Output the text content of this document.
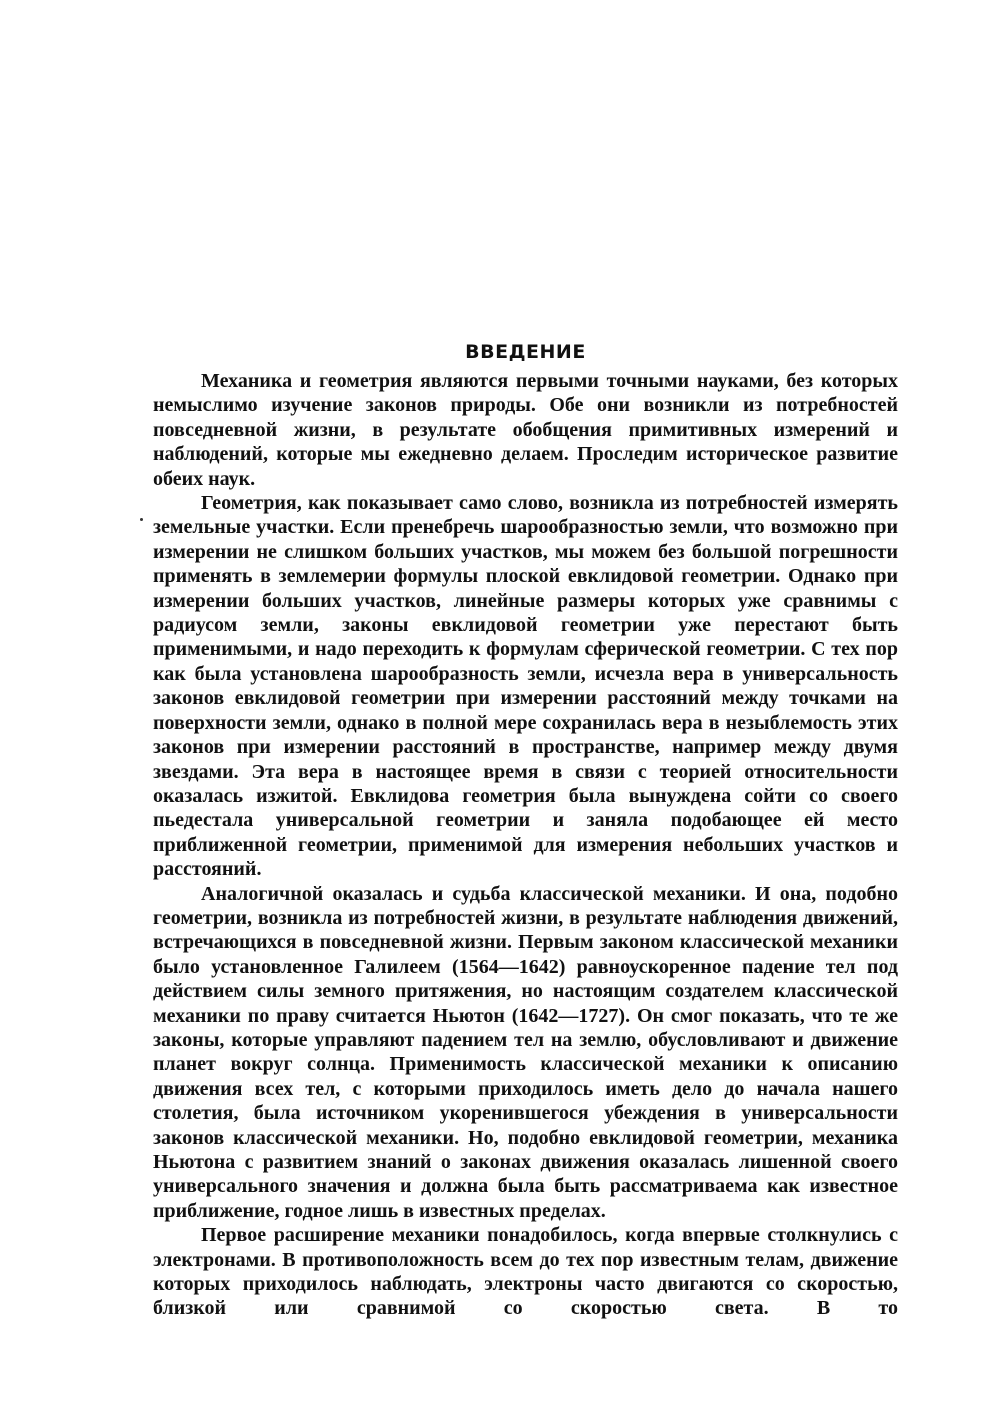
ВВЕДЕНИЕ

Механика и геометрия являются первыми точными науками, без которых немыслимо изучение законов природы. Обе они возникли из потребностей повседневной жизни, в результате обобщения примитивных измерений и наблюдений, которые мы ежедневно делаем. Проследим историческое развитие обеих наук.

Геометрия, как показывает само слово, возникла из потребностей измерять земельные участки. Если пренебречь шарообразностью земли, что возможно при измерении не слишком больших участков, мы можем без большой погрешности применять в землемерии формулы плоской евклидовой геометрии. Однако при измерении больших участков, линейные размеры которых уже сравнимы с радиусом земли, законы евклидовой геометрии уже перестают быть применимыми, и надо переходить к формулам сферической геометрии. С тех пор как была установлена шарообразность земли, исчезла вера в универсальность законов евклидовой геометрии при измерении расстояний между точками на поверхности земли, однако в полной мере сохранилась вера в незыблемость этих законов при измерении расстояний в пространстве, например между двумя звездами. Эта вера в настоящее время в связи с теорией относительности оказалась изжитой. Евклидова геометрия была вынуждена сойти со своего пьедестала универсальной геометрии и заняла подобающее ей место приближенной геометрии, применимой для измерения небольших участков и расстояний.

Аналогичной оказалась и судьба классической механики. И она, подобно геометрии, возникла из потребностей жизни, в результате наблюдения движений, встречающихся в повседневной жизни. Первым законом классической механики было установленное Галилеем (1564—1642) равноускоренное падение тел под действием силы земного притяжения, но настоящим создателем классической механики по праву считается Ньютон (1642—1727). Он смог показать, что те же законы, которые управляют падением тел на землю, обусловливают и движение планет вокруг солнца. Применимость классической механики к описанию движения всех тел, с которыми приходилось иметь дело до начала нашего столетия, была источником укоренившегося убеждения в универсальности законов классической механики. Но, подобно евклидовой геометрии, механика Ньютона с развитием знаний о законах движения оказалась лишенной своего универсального значения и должна была быть рассматриваема как известное приближение, годное лишь в известных пределах.

Первое расширение механики понадобилось, когда впервые столкнулись с электронами. В противоположность всем до тех пор известным телам, движение которых приходилось наблюдать, электроны часто двигаются со скоростью, близкой или сравнимой со скоростью света. В то
